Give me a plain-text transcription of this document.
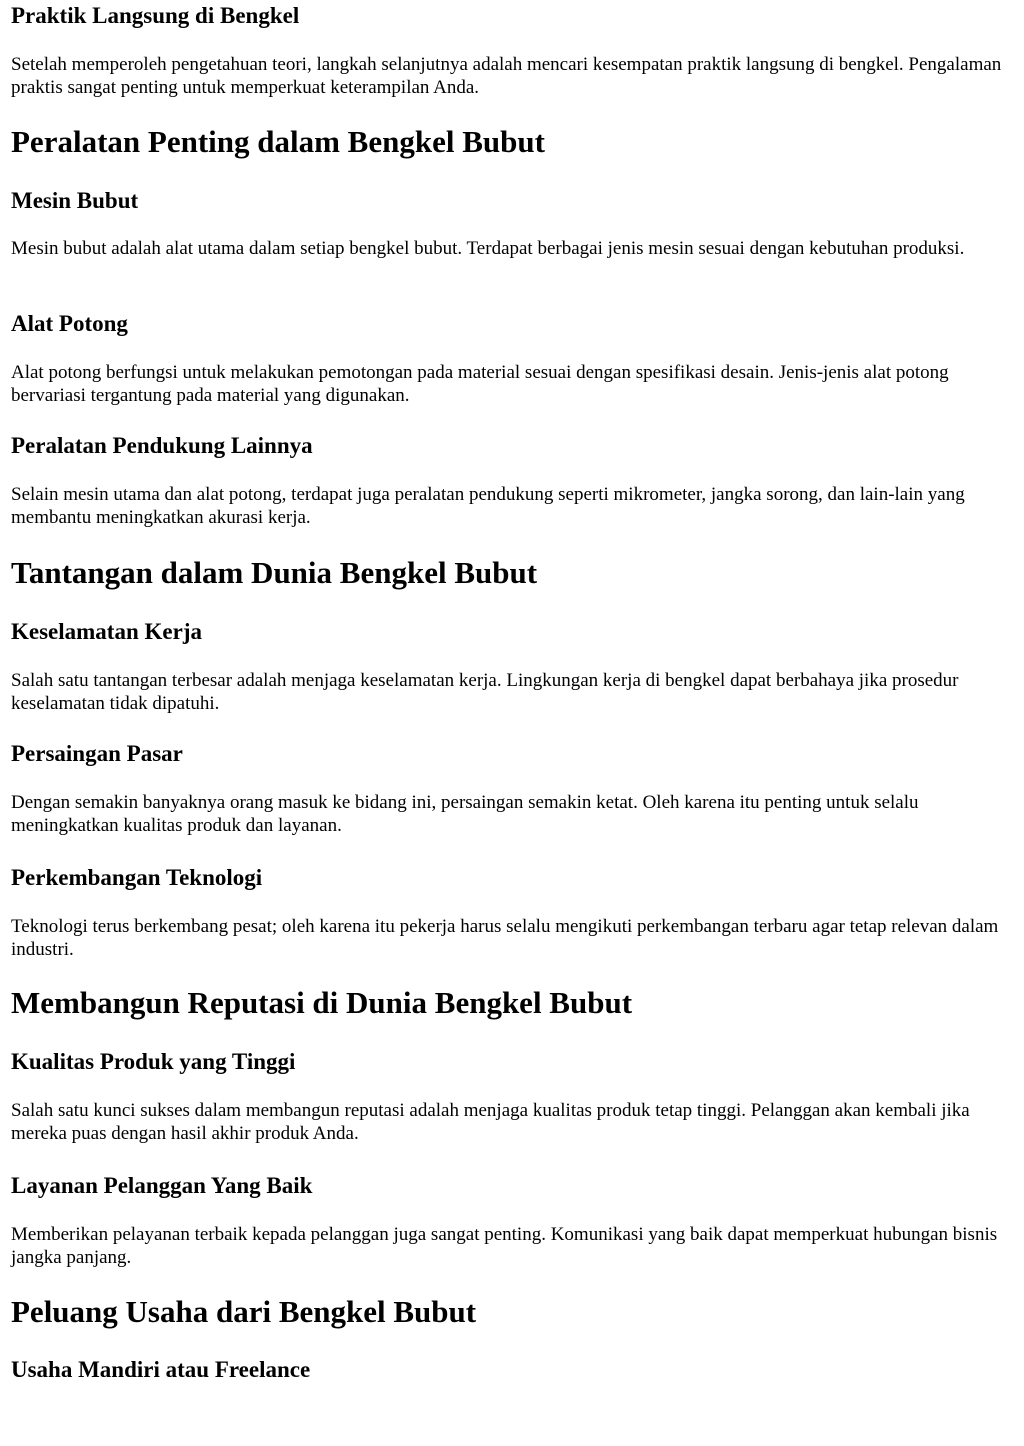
Praktik Langsung di Bengkel

Setelah memperoleh pengetahuan teori, langkah selanjutnya adalah mencari kesempatan praktik langsung di bengkel. Pengalaman praktis sangat penting untuk memperkuat keterampilan Anda.

Peralatan Penting dalam Bengkel Bubut
Mesin Bubut

Mesin bubut adalah alat utama dalam setiap bengkel bubut. Terdapat berbagai jenis mesin sesuai dengan kebutuhan produksi.

Alat Potong

Alat potong berfungsi untuk melakukan pemotongan pada material sesuai dengan spesifikasi desain. Jenis-jenis alat potong bervariasi tergantung pada material yang digunakan.

Peralatan Pendukung Lainnya

Selain mesin utama dan alat potong, terdapat juga peralatan pendukung seperti mikrometer, jangka sorong, dan lain-lain yang membantu meningkatkan akurasi kerja.

Tantangan dalam Dunia Bengkel Bubut
Keselamatan Kerja

Salah satu tantangan terbesar adalah menjaga keselamatan kerja. Lingkungan kerja di bengkel dapat berbahaya jika prosedur keselamatan tidak dipatuhi.

Persaingan Pasar

Dengan semakin banyaknya orang masuk ke bidang ini, persaingan semakin ketat. Oleh karena itu penting untuk selalu meningkatkan kualitas produk dan layanan.

Perkembangan Teknologi

Teknologi terus berkembang pesat; oleh karena itu pekerja harus selalu mengikuti perkembangan terbaru agar tetap relevan dalam industri.

Membangun Reputasi di Dunia Bengkel Bubut
Kualitas Produk yang Tinggi

Salah satu kunci sukses dalam membangun reputasi adalah menjaga kualitas produk tetap tinggi. Pelanggan akan kembali jika mereka puas dengan hasil akhir produk Anda.

Layanan Pelanggan Yang Baik

Memberikan pelayanan terbaik kepada pelanggan juga sangat penting. Komunikasi yang baik dapat memperkuat hubungan bisnis jangka panjang.

Peluang Usaha dari Bengkel Bubut
Usaha Mandiri atau Freelance
